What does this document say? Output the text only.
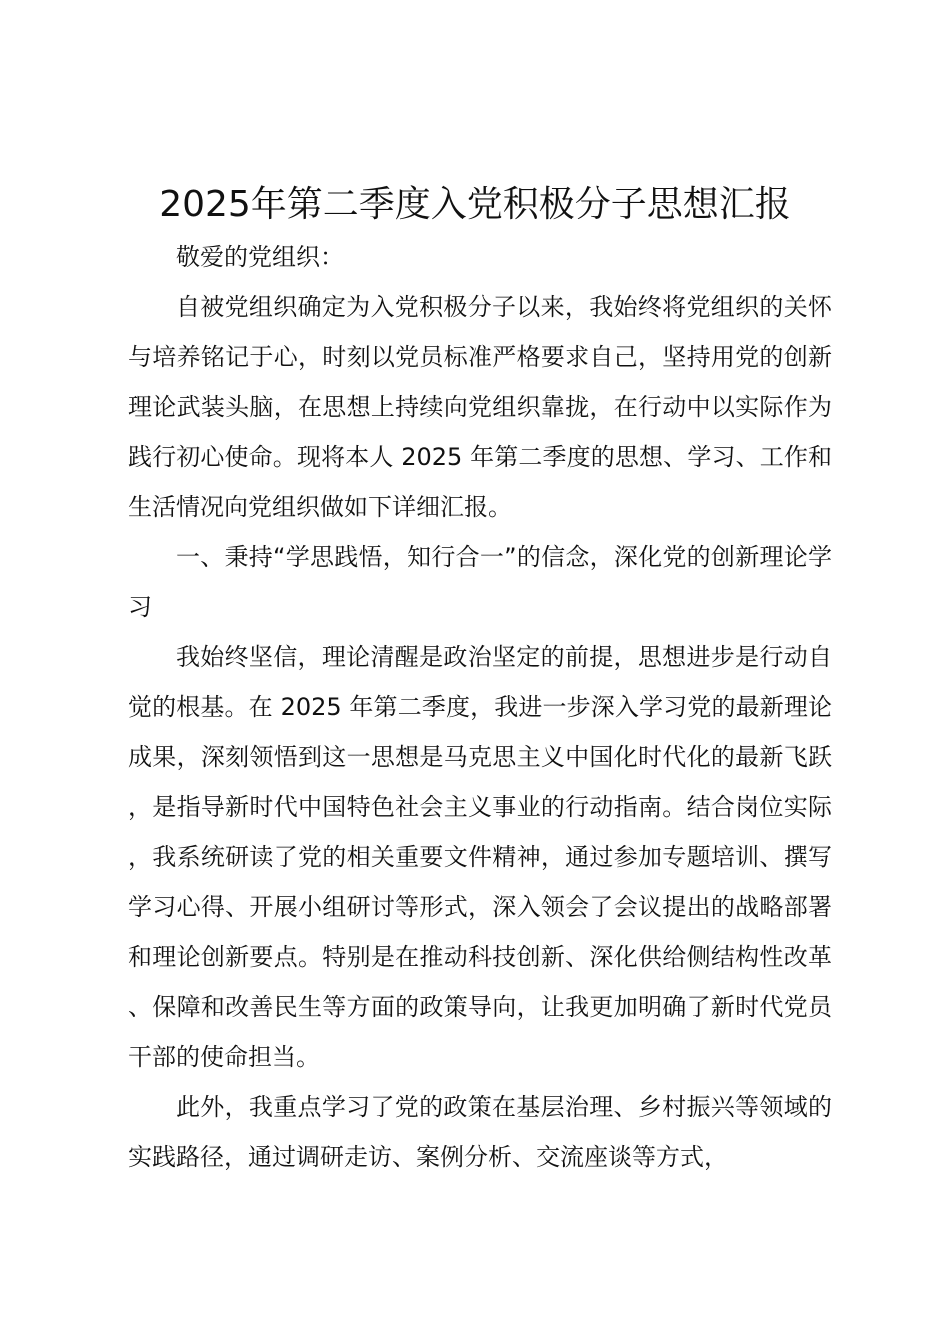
2025年第二季度入党积极分子思想汇报

敬爱的党组织：

自被党组织确定为入党积极分子以来，我始终将党组织的关怀与培养铭记于心，时刻以党员标准严格要求自己，坚持用党的创新理论武装头脑，在思想上持续向党组织靠拢，在行动中以实际作为践行初心使命。现将本人 2025 年第二季度的思想、学习、工作和生活情况向党组织做如下详细汇报。

一、秉持“学思践悟，知行合一”的信念，深化党的创新理论学习

我始终坚信，理论清醒是政治坚定的前提，思想进步是行动自觉的根基。在 2025 年第二季度，我进一步深入学习党的最新理论成果，深刻领悟到这一思想是马克思主义中国化时代化的最新飞跃，是指导新时代中国特色社会主义事业的行动指南。结合岗位实际，我系统研读了党的相关重要文件精神，通过参加专题培训、撰写学习心得、开展小组研讨等形式，深入领会了会议提出的战略部署和理论创新要点。特别是在推动科技创新、深化供给侧结构性改革、保障和改善民生等方面的政策导向，让我更加明确了新时代党员干部的使命担当。

此外，我重点学习了党的政策在基层治理、乡村振兴等领域的实践路径，通过调研走访、案例分析、交流座谈等方式，
